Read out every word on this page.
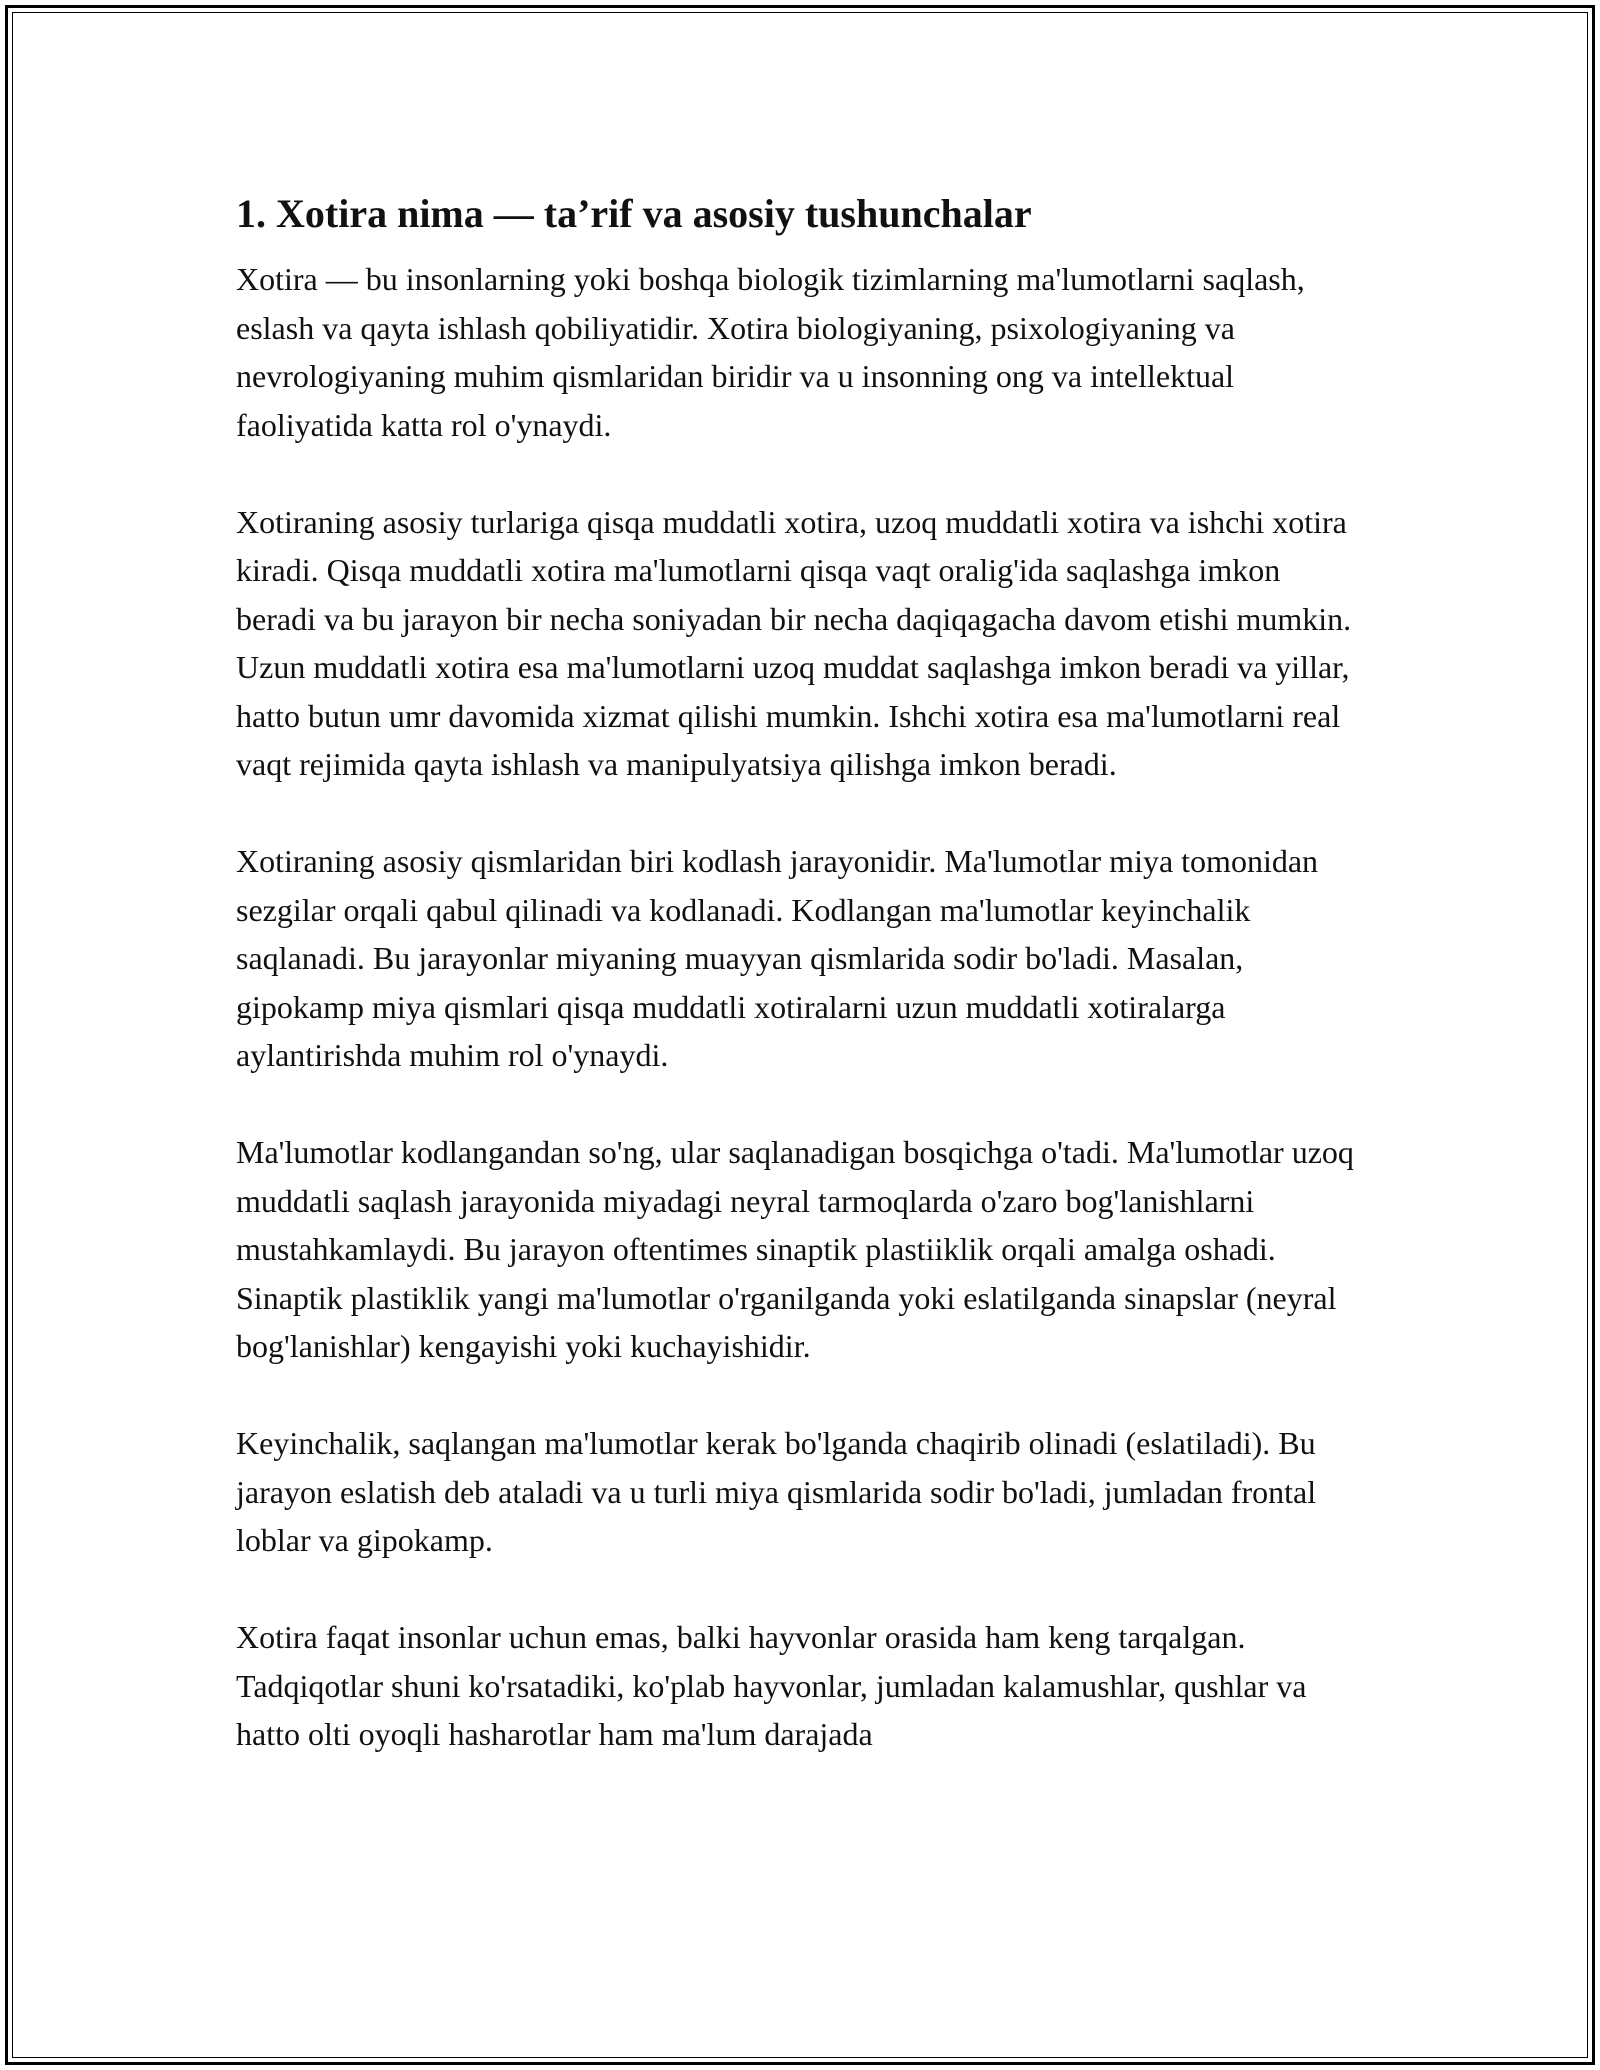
1. Xotira nima — ta’rif va asosiy tushunchalar

Xotira — bu insonlarning yoki boshqa biologik tizimlarning ma'lumotlarni saqlash, eslash va qayta ishlash qobiliyatidir. Xotira biologiyaning, psixologiyaning va nevrologiyaning muhim qismlaridan biridir va u insonning ong va intellektual faoliyatida katta rol o'ynaydi.

Xotiraning asosiy turlariga qisqa muddatli xotira, uzoq muddatli xotira va ishchi xotira kiradi. Qisqa muddatli xotira ma'lumotlarni qisqa vaqt oralig'ida saqlashga imkon beradi va bu jarayon bir necha soniyadan bir necha daqiqagacha davom etishi mumkin. Uzun muddatli xotira esa ma'lumotlarni uzoq muddat saqlashga imkon beradi va yillar, hatto butun umr davomida xizmat qilishi mumkin. Ishchi xotira esa ma'lumotlarni real vaqt rejimida qayta ishlash va manipulyatsiya qilishga imkon beradi.

Xotiraning asosiy qismlaridan biri kodlash jarayonidir. Ma'lumotlar miya tomonidan sezgilar orqali qabul qilinadi va kodlanadi. Kodlangan ma'lumotlar keyinchalik saqlanadi. Bu jarayonlar miyaning muayyan qismlarida sodir bo'ladi. Masalan, gipokamp miya qismlari qisqa muddatli xotiralarni uzun muddatli xotiralarga aylantirishda muhim rol o'ynaydi.

Ma'lumotlar kodlangandan so'ng, ular saqlanadigan bosqichga o'tadi. Ma'lumotlar uzoq muddatli saqlash jarayonida miyadagi neyral tarmoqlarda o'zaro bog'lanishlarni mustahkamlaydi. Bu jarayon oftentimes sinaptik plastiiklik orqali amalga oshadi. Sinaptik plastiklik yangi ma'lumotlar o'rganilganda yoki eslatilganda sinapslar (neyral bog'lanishlar) kengayishi yoki kuchayishidir.

Keyinchalik, saqlangan ma'lumotlar kerak bo'lganda chaqirib olinadi (eslatiladi). Bu jarayon eslatish deb ataladi va u turli miya qismlarida sodir bo'ladi, jumladan frontal loblar va gipokamp.

Xotira faqat insonlar uchun emas, balki hayvonlar orasida ham keng tarqalgan. Tadqiqotlar shuni ko'rsatadiki, ko'plab hayvonlar, jumladan kalamushlar, qushlar va hatto olti oyoqli hasharotlar ham ma'lum darajada
